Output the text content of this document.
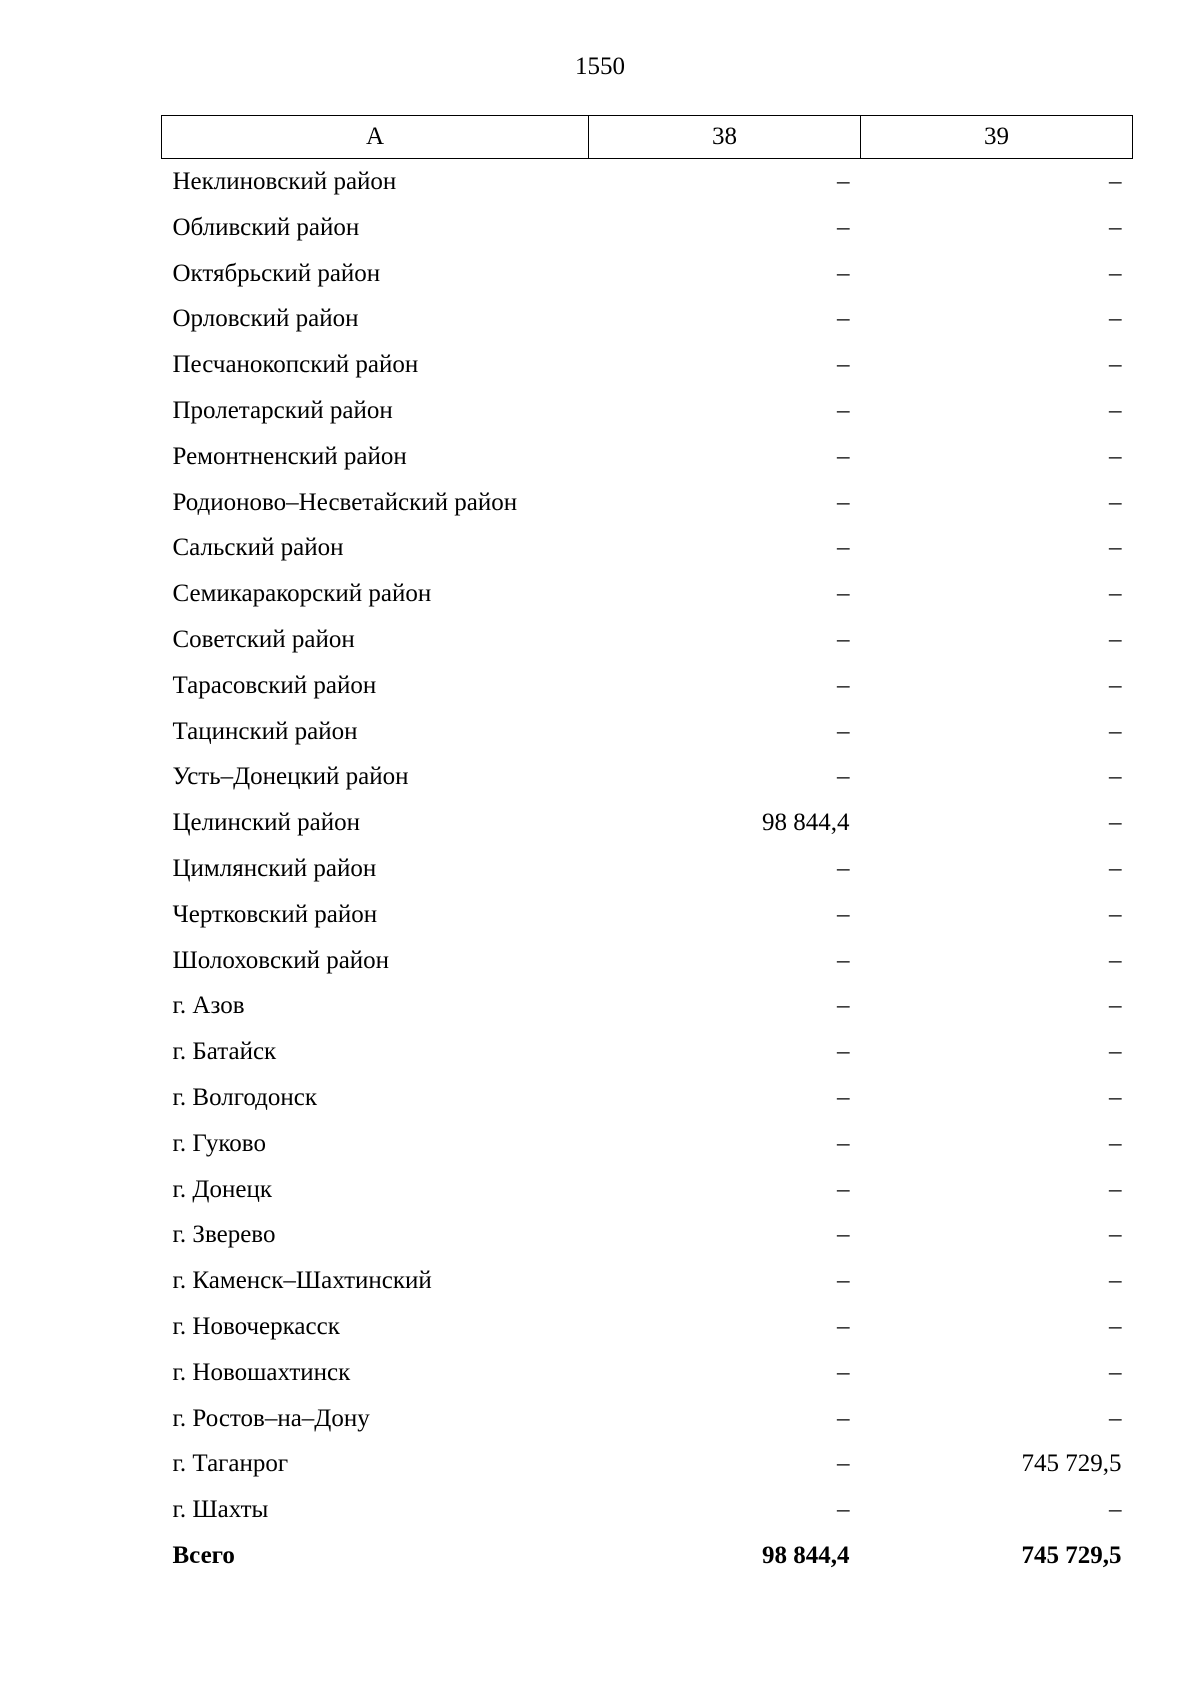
1550
А	38	39
Неклиновский район	–	–
Обливский район	–	–
Октябрьский район	–	–
Орловский район	–	–
Песчанокопский район	–	–
Пролетарский район	–	–
Ремонтненский район	–	–
Родионово–Несветайский район	–	–
Сальский район	–	–
Семикаракорский район	–	–
Советский район	–	–
Тарасовский район	–	–
Тацинский район	–	–
Усть–Донецкий район	–	–
Целинский район	98 844,4	–
Цимлянский район	–	–
Чертковский район	–	–
Шолоховский район	–	–
г. Азов	–	–
г. Батайск	–	–
г. Волгодонск	–	–
г. Гуково	–	–
г. Донецк	–	–
г. Зверево	–	–
г. Каменск–Шахтинский	–	–
г. Новочеркасск	–	–
г. Новошахтинск	–	–
г. Ростов–на–Дону	–	–
г. Таганрог	–	745 729,5
г. Шахты	–	–
Всего	98 844,4	745 729,5
